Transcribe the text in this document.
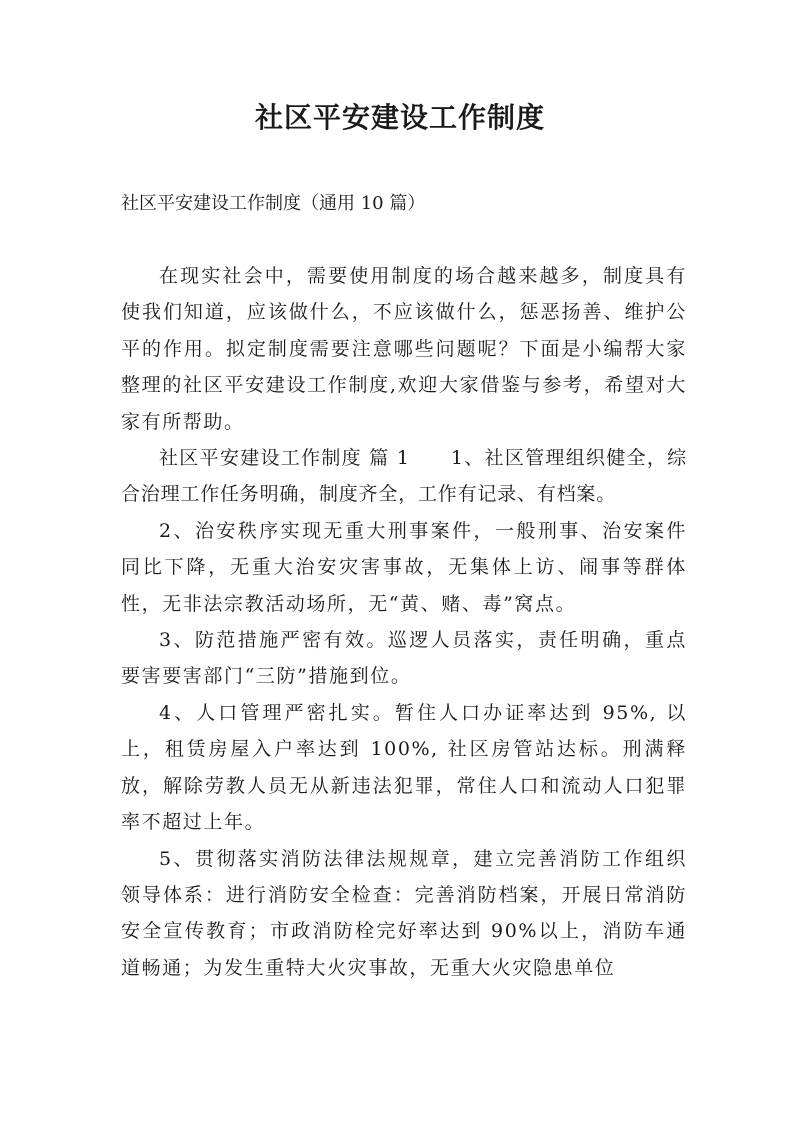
社区平安建设工作制度

社区平安建设工作制度（通用 10 篇）

在现实社会中，需要使用制度的场合越来越多，制度具有使我们知道，应该做什么，不应该做什么，惩恶扬善、维护公平的作用。拟定制度需要注意哪些问题呢？下面是小编帮大家整理的社区平安建设工作制度,欢迎大家借鉴与参考，希望对大家有所帮助。

社区平安建设工作制度 篇 1　　1、社区管理组织健全，综合治理工作任务明确，制度齐全，工作有记录、有档案。

2、治安秩序实现无重大刑事案件，一般刑事、治安案件同比下降，无重大治安灾害事故，无集体上访、闹事等群体性，无非法宗教活动场所，无“黄、赌、毒”窝点。

3、防范措施严密有效。巡逻人员落实，责任明确，重点要害要害部门“三防”措施到位。

4、人口管理严密扎实。暂住人口办证率达到 95%, 以上，租赁房屋入户率达到 100%, 社区房管站达标。刑满释放，解除劳教人员无从新违法犯罪，常住人口和流动人口犯罪率不超过上年。

5、贯彻落实消防法律法规规章，建立完善消防工作组织领导体系：进行消防安全检查：完善消防档案，开展日常消防安全宣传教育；市政消防栓完好率达到 90%以上，消防车通道畅通；为发生重特大火灾事故，无重大火灾隐患单位
